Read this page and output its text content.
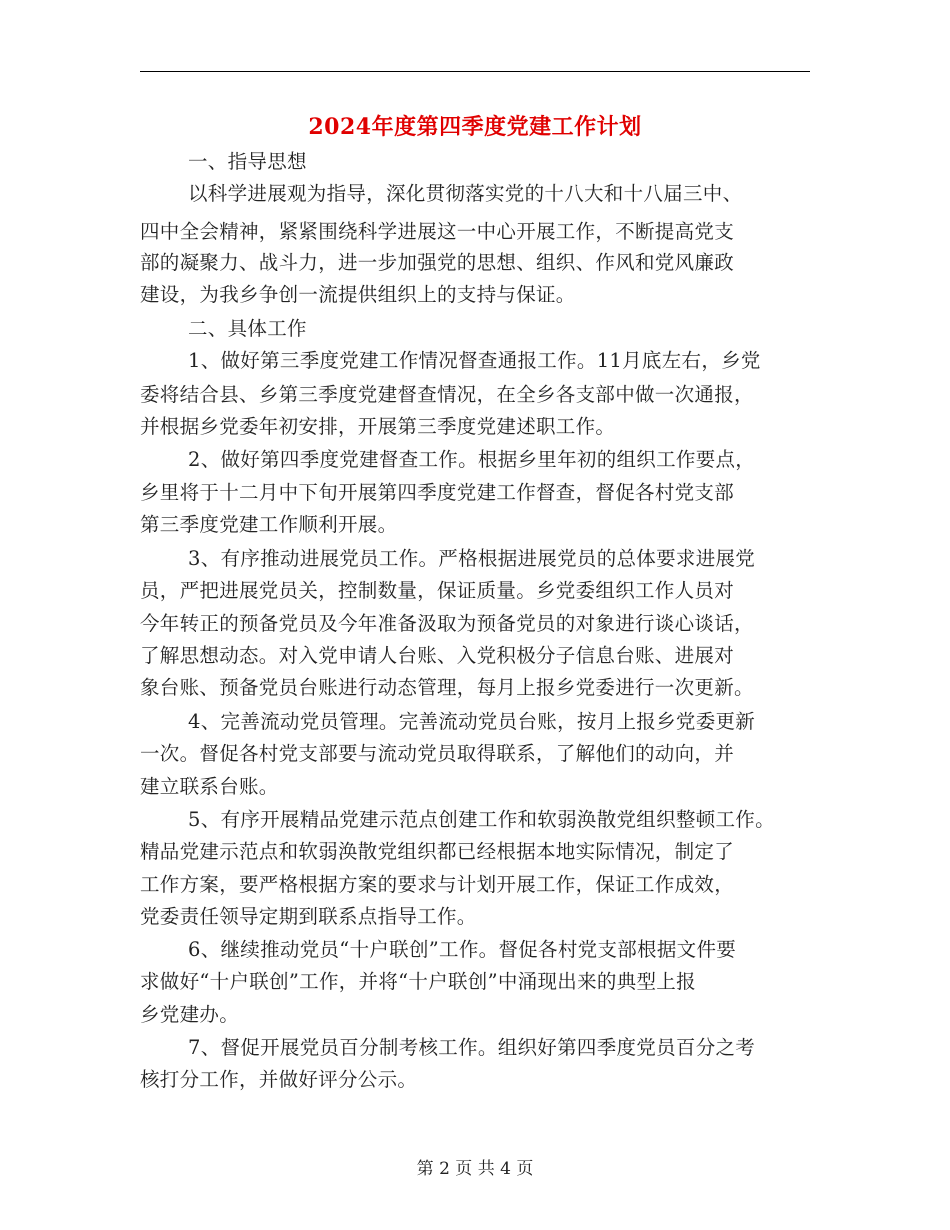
2024年度第四季度党建工作计划
一、指导思想
以科学进展观为指导，深化贯彻落实党的十八大和十八届三中、
四中全会精神，紧紧围绕科学进展这一中心开展工作，不断提高党支
部的凝聚力、战斗力，进一步加强党的思想、组织、作风和党风廉政
建设，为我乡争创一流提供组织上的支持与保证。
二、具体工作
1、做好第三季度党建工作情况督查通报工作。11月底左右，乡党
委将结合县、乡第三季度党建督查情况，在全乡各支部中做一次通报，
并根据乡党委年初安排，开展第三季度党建述职工作。
2、做好第四季度党建督查工作。根据乡里年初的组织工作要点，
乡里将于十二月中下旬开展第四季度党建工作督查，督促各村党支部
第三季度党建工作顺利开展。
3、有序推动进展党员工作。严格根据进展党员的总体要求进展党
员，严把进展党员关，控制数量，保证质量。乡党委组织工作人员对
今年转正的预备党员及今年准备汲取为预备党员的对象进行谈心谈话，
了解思想动态。对入党申请人台账、入党积极分子信息台账、进展对
象台账、预备党员台账进行动态管理，每月上报乡党委进行一次更新。
4、完善流动党员管理。完善流动党员台账，按月上报乡党委更新
一次。督促各村党支部要与流动党员取得联系，了解他们的动向，并
建立联系台账。
5、有序开展精品党建示范点创建工作和软弱涣散党组织整顿工作。
精品党建示范点和软弱涣散党组织都已经根据本地实际情况，制定了
工作方案，要严格根据方案的要求与计划开展工作，保证工作成效，
党委责任领导定期到联系点指导工作。
6、继续推动党员“十户联创”工作。督促各村党支部根据文件要
求做好“十户联创”工作，并将“十户联创”中涌现出来的典型上报
乡党建办。
7、督促开展党员百分制考核工作。组织好第四季度党员百分之考
核打分工作，并做好评分公示。
第 2 页 共 4 页
